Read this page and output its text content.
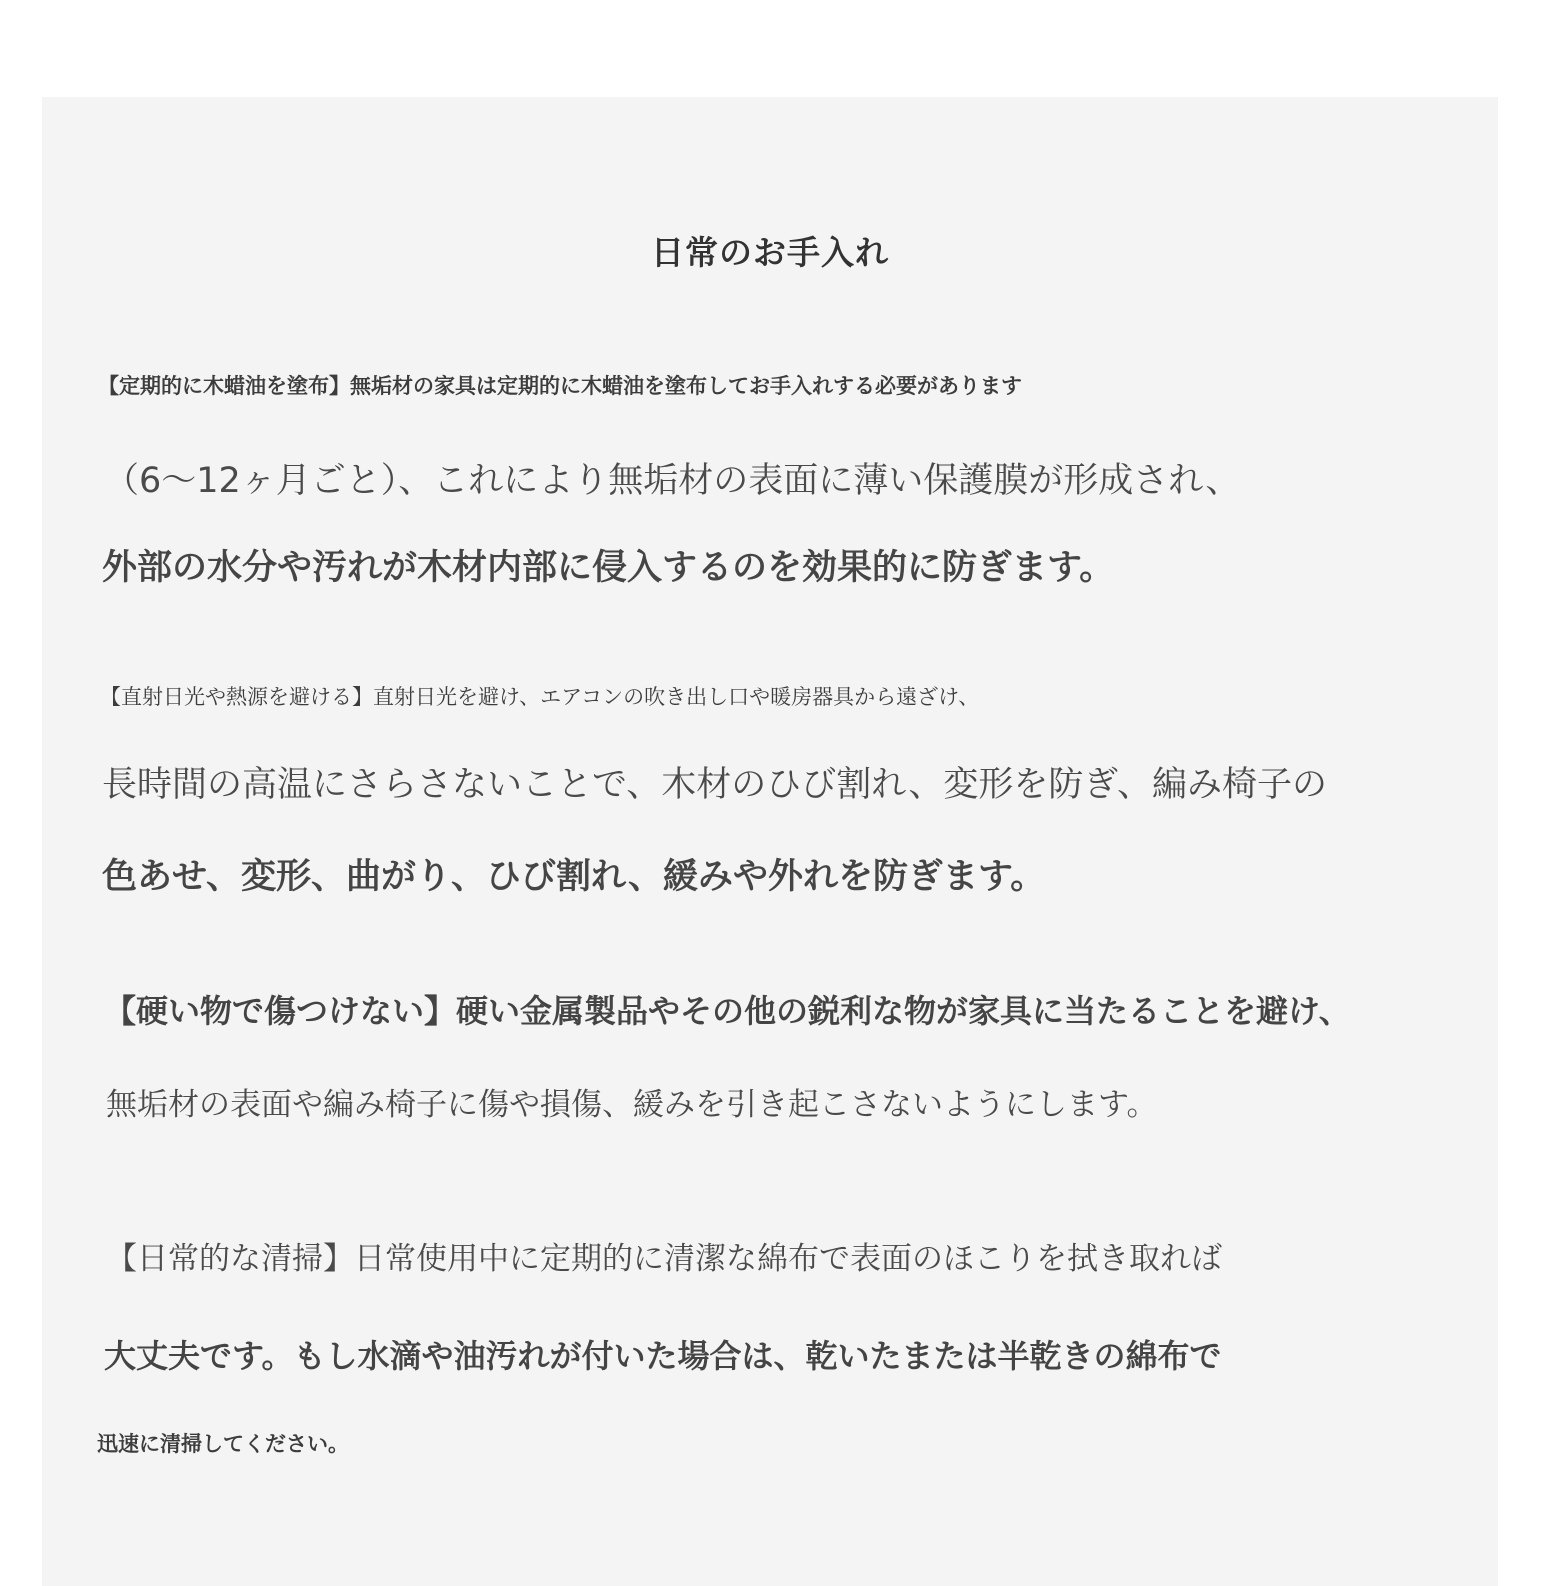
日常のお手入れ

【定期的に木蜡油を塗布】無垢材の家具は定期的に木蜡油を塗布してお手入れする必要があります

（6～12ヶ月ごと）、これにより無垢材の表面に薄い保護膜が形成され、

外部の水分や汚れが木材内部に侵入するのを効果的に防ぎます。

【直射日光や熱源を避ける】直射日光を避け、エアコンの吹き出し口や暖房器具から遠ざけ、

長時間の高温にさらさないことで、木材のひび割れ、変形を防ぎ、編み椅子の

色あせ、変形、曲がり、ひび割れ、緩みや外れを防ぎます。

【硬い物で傷つけない】硬い金属製品やその他の鋭利な物が家具に当たることを避け、

無垢材の表面や編み椅子に傷や損傷、緩みを引き起こさないようにします。

【日常的な清掃】日常使用中に定期的に清潔な綿布で表面のほこりを拭き取れば

大丈夫です。もし水滴や油汚れが付いた場合は、乾いたまたは半乾きの綿布で

迅速に清掃してください。
